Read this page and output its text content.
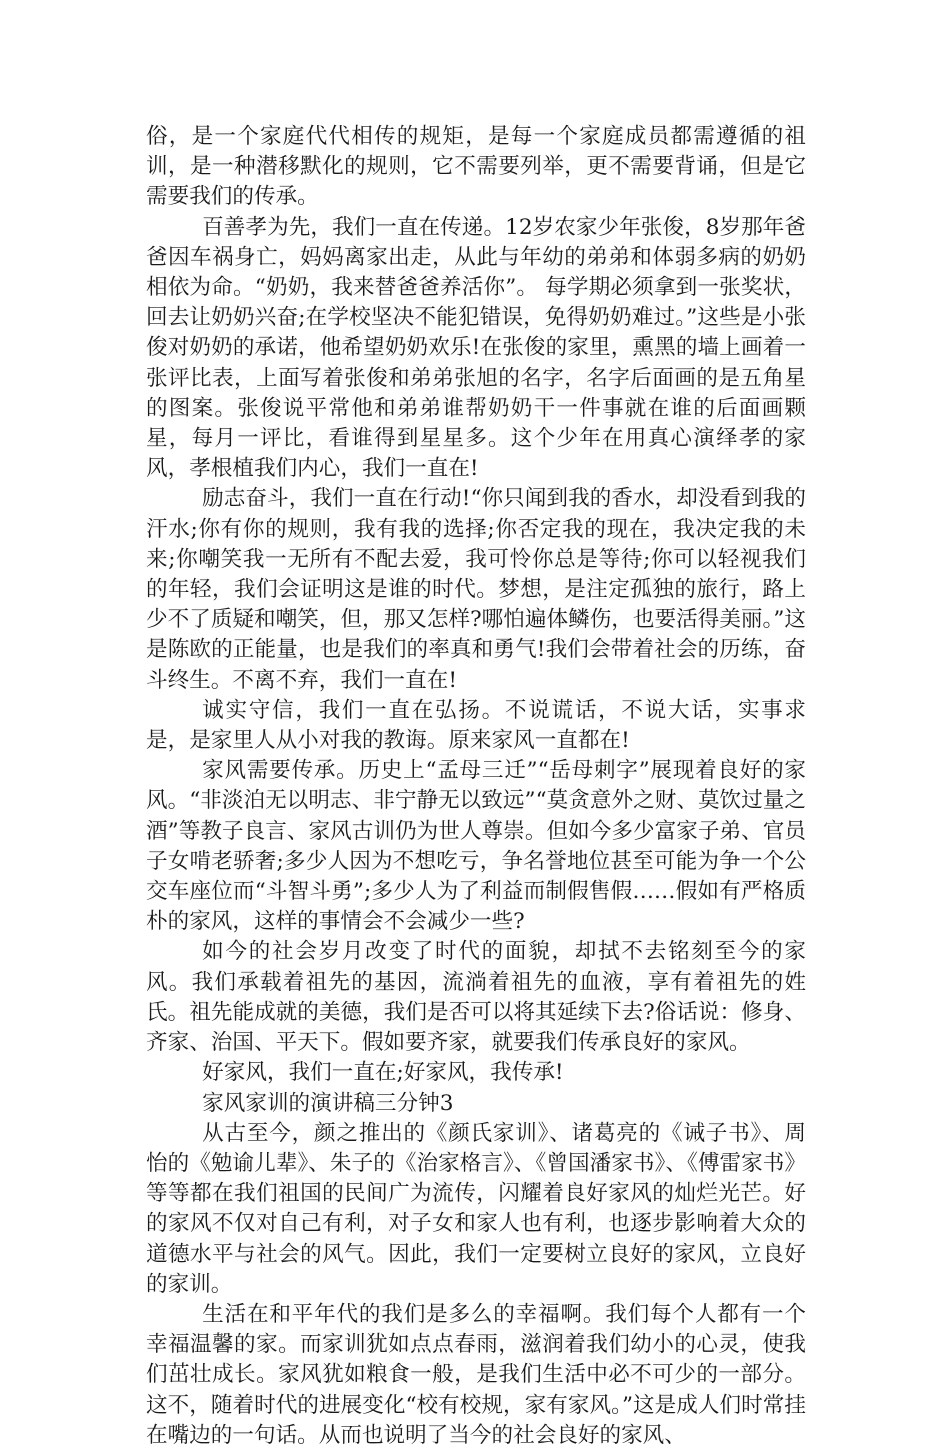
俗，是一个家庭代代相传的规矩，是每一个家庭成员都需遵循的祖训，是一种潜移默化的规则，它不需要列举，更不需要背诵，但是它需要我们的传承。

百善孝为先，我们一直在传递。12岁农家少年张俊，8岁那年爸爸因车祸身亡，妈妈离家出走，从此与年幼的弟弟和体弱多病的奶奶相依为命。“奶奶，我来替爸爸养活你”。 每学期必须拿到一张奖状，回去让奶奶兴奋;在学校坚决不能犯错误，免得奶奶难过。”这些是小张俊对奶奶的承诺，他希望奶奶欢乐!在张俊的家里，熏黑的墙上画着一张评比表，上面写着张俊和弟弟张旭的名字，名字后面画的是五角星的图案。张俊说平常他和弟弟谁帮奶奶干一件事就在谁的后面画颗星，每月一评比，看谁得到星星多。这个少年在用真心演绎孝的家风，孝根植我们内心，我们一直在!

励志奋斗，我们一直在行动!“你只闻到我的香水，却没看到我的汗水;你有你的规则，我有我的选择;你否定我的现在，我决定我的未来;你嘲笑我一无所有不配去爱，我可怜你总是等待;你可以轻视我们的年轻，我们会证明这是谁的时代。梦想，是注定孤独的旅行，路上少不了质疑和嘲笑，但，那又怎样?哪怕遍体鳞伤，也要活得美丽。”这是陈欧的正能量，也是我们的率真和勇气!我们会带着社会的历练，奋斗终生。不离不弃，我们一直在!

诚实守信，我们一直在弘扬。不说谎话，不说大话，实事求是，是家里人从小对我的教诲。原来家风一直都在!

家风需要传承。历史上“孟母三迁”“岳母刺字”展现着良好的家风。“非淡泊无以明志、非宁静无以致远”“莫贪意外之财、莫饮过量之酒”等教子良言、家风古训仍为世人尊崇。但如今多少富家子弟、官员子女啃老骄奢;多少人因为不想吃亏，争名誉地位甚至可能为争一个公交车座位而“斗智斗勇”;多少人为了利益而制假售假……假如有严格质朴的家风，这样的事情会不会减少一些?

如今的社会岁月改变了时代的面貌，却拭不去铭刻至今的家风。我们承载着祖先的基因，流淌着祖先的血液，享有着祖先的姓氏。祖先能成就的美德，我们是否可以将其延续下去?俗话说：修身、齐家、治国、平天下。假如要齐家，就要我们传承良好的家风。

好家风，我们一直在;好家风，我传承!

家风家训的演讲稿三分钟3

从古至今，颜之推出的《颜氏家训》、诸葛亮的《诫子书》、周怡的《勉谕儿辈》、朱子的《治家格言》、《曾国潘家书》、《傅雷家书》等等都在我们祖国的民间广为流传，闪耀着良好家风的灿烂光芒。好的家风不仅对自己有利，对子女和家人也有利，也逐步影响着大众的道德水平与社会的风气。因此，我们一定要树立良好的家风，立良好的家训。

生活在和平年代的我们是多么的幸福啊。我们每个人都有一个幸福温馨的家。而家训犹如点点春雨，滋润着我们幼小的心灵，使我们茁壮成长。家风犹如粮食一般，是我们生活中必不可少的一部分。这不，随着时代的进展变化“校有校规，家有家风。”这是成人们时常挂在嘴边的一句话。从而也说明了当今的社会良好的家风、
